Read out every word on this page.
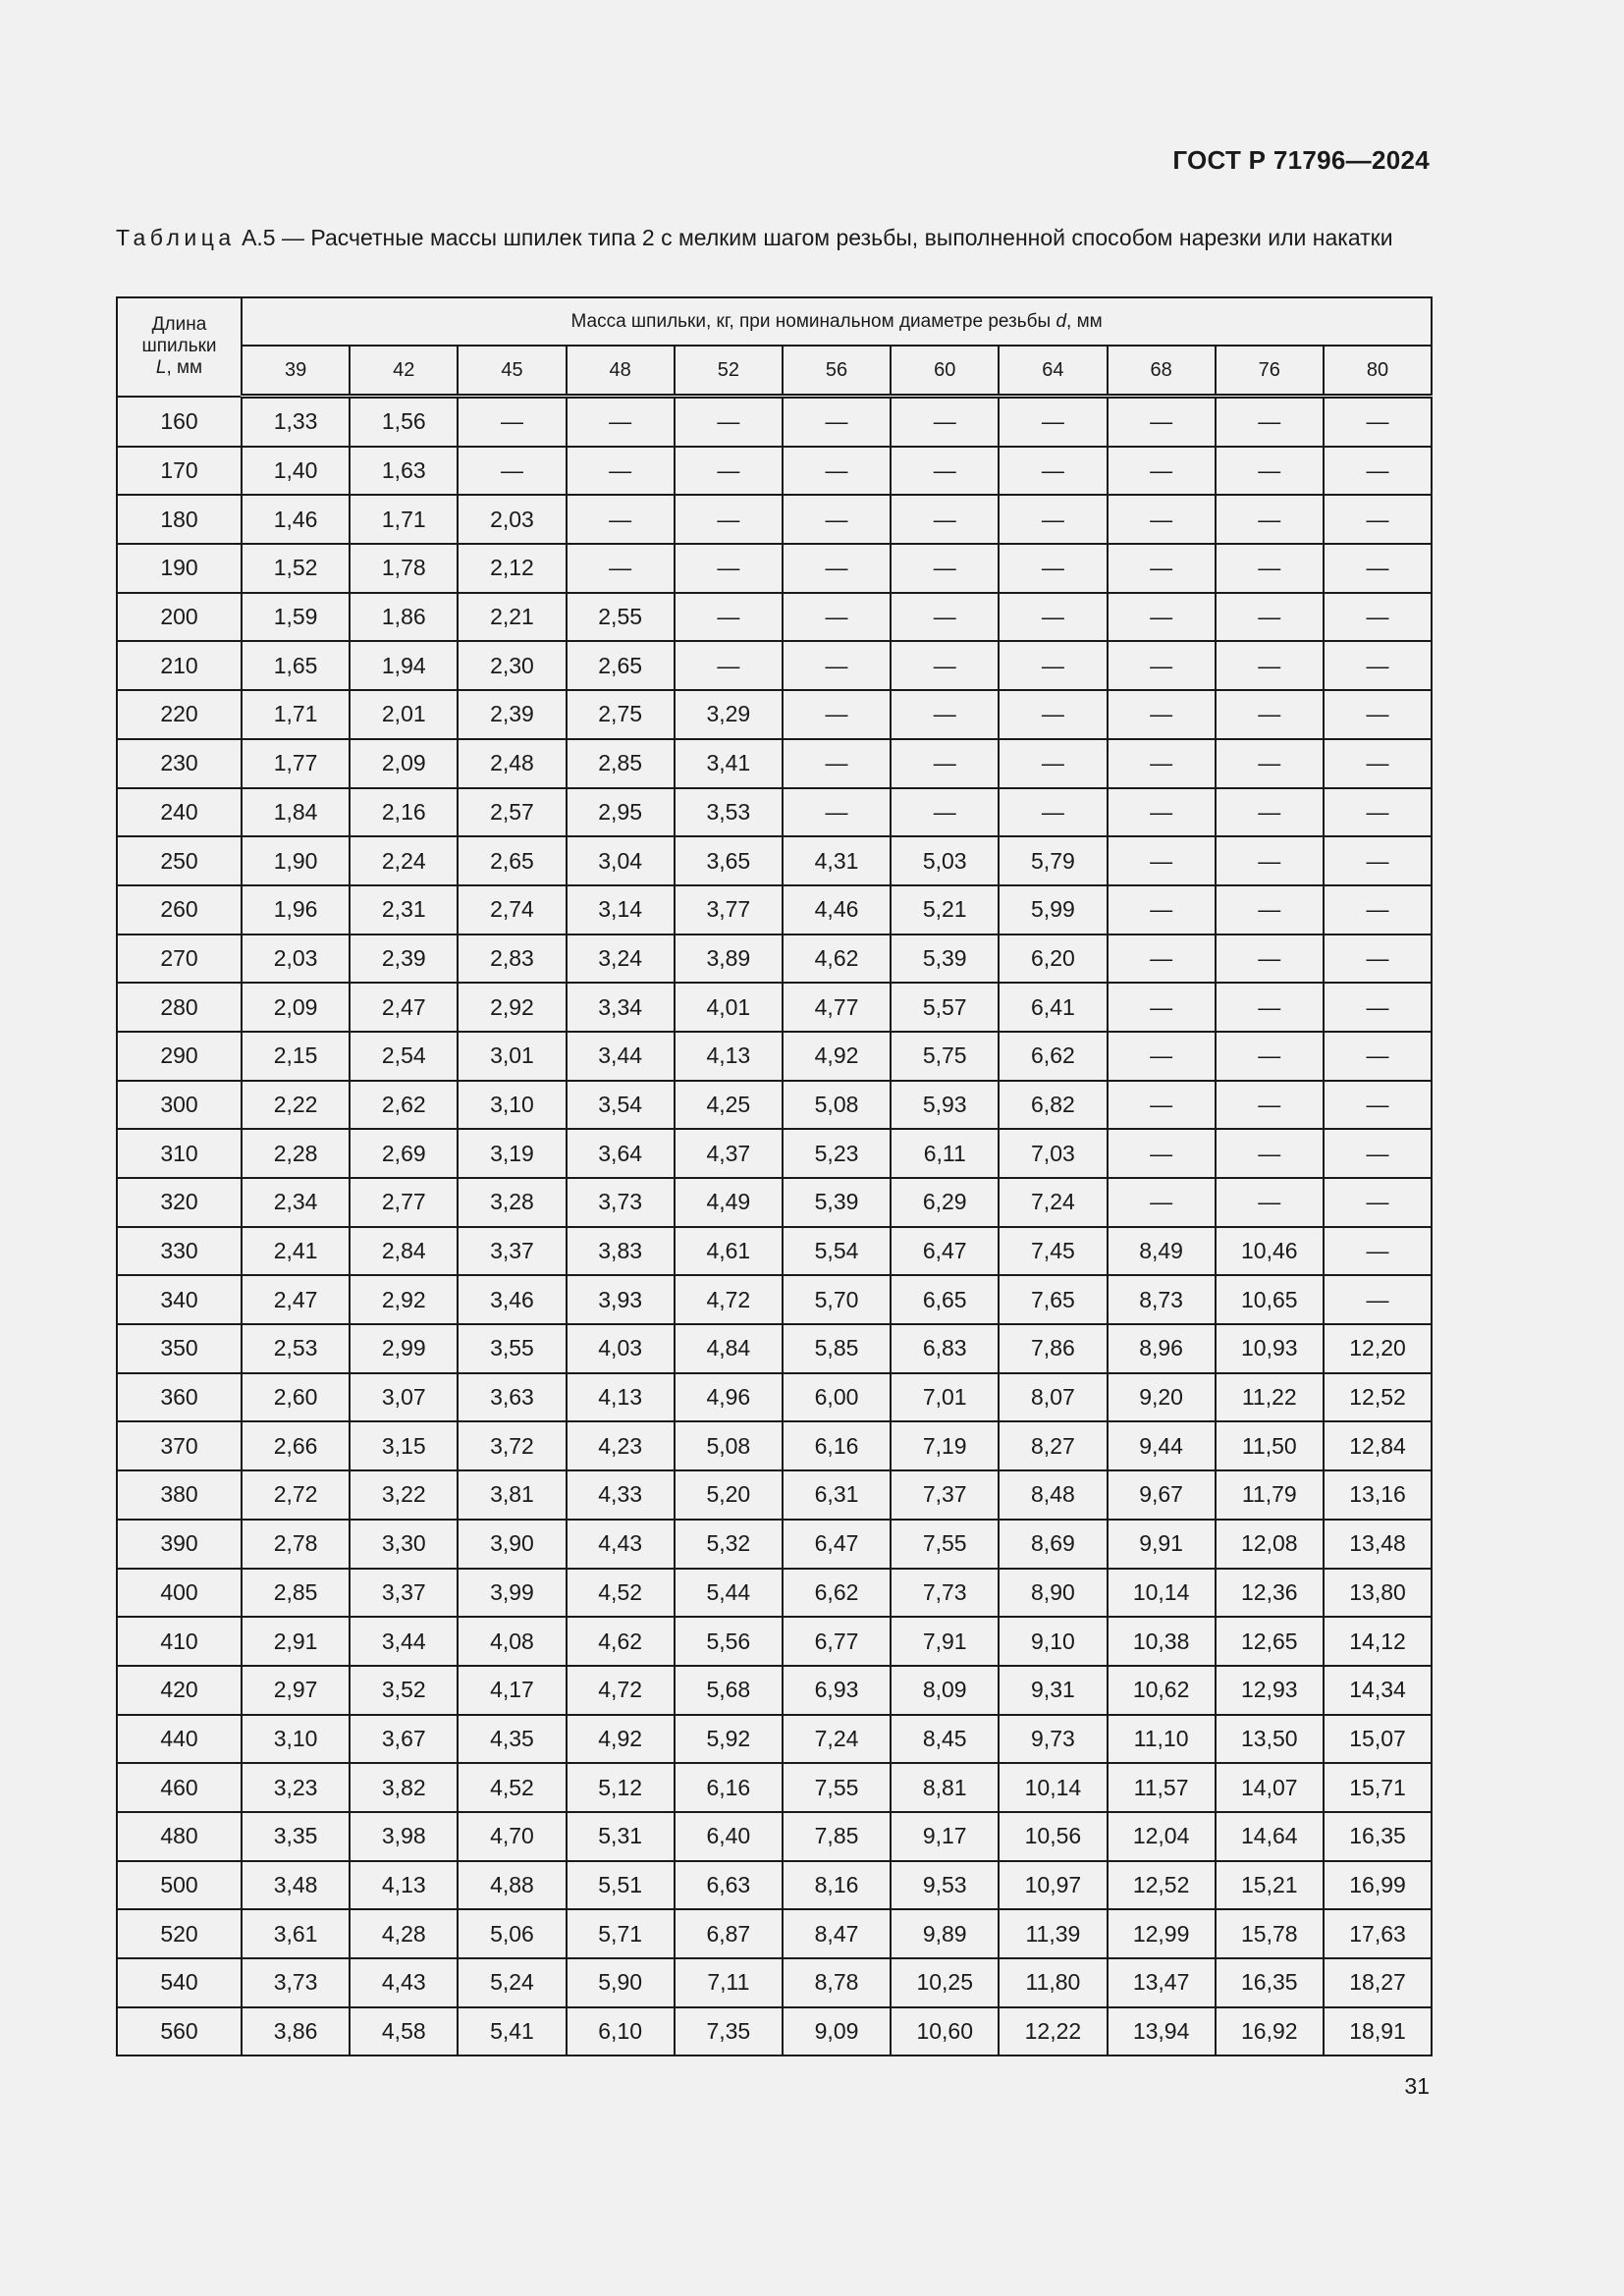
ГОСТ Р 71796—2024
Таблица А.5 — Расчетные массы шпилек типа 2 с мелким шагом резьбы, выполненной способом нарезки или накатки
Длина
шпильки
L, мм	Масса шпильки, кг, при номинальном диаметре резьбы d, мм										
	39	42	45	48	52	56	60	64	68	76	80
160	1,33	1,56	—	—	—	—	—	—	—	—	—
170	1,40	1,63	—	—	—	—	—	—	—	—	—
180	1,46	1,71	2,03	—	—	—	—	—	—	—	—
190	1,52	1,78	2,12	—	—	—	—	—	—	—	—
200	1,59	1,86	2,21	2,55	—	—	—	—	—	—	—
210	1,65	1,94	2,30	2,65	—	—	—	—	—	—	—
220	1,71	2,01	2,39	2,75	3,29	—	—	—	—	—	—
230	1,77	2,09	2,48	2,85	3,41	—	—	—	—	—	—
240	1,84	2,16	2,57	2,95	3,53	—	—	—	—	—	—
250	1,90	2,24	2,65	3,04	3,65	4,31	5,03	5,79	—	—	—
260	1,96	2,31	2,74	3,14	3,77	4,46	5,21	5,99	—	—	—
270	2,03	2,39	2,83	3,24	3,89	4,62	5,39	6,20	—	—	—
280	2,09	2,47	2,92	3,34	4,01	4,77	5,57	6,41	—	—	—
290	2,15	2,54	3,01	3,44	4,13	4,92	5,75	6,62	—	—	—
300	2,22	2,62	3,10	3,54	4,25	5,08	5,93	6,82	—	—	—
310	2,28	2,69	3,19	3,64	4,37	5,23	6,11	7,03	—	—	—
320	2,34	2,77	3,28	3,73	4,49	5,39	6,29	7,24	—	—	—
330	2,41	2,84	3,37	3,83	4,61	5,54	6,47	7,45	8,49	10,46	—
340	2,47	2,92	3,46	3,93	4,72	5,70	6,65	7,65	8,73	10,65	—
350	2,53	2,99	3,55	4,03	4,84	5,85	6,83	7,86	8,96	10,93	12,20
360	2,60	3,07	3,63	4,13	4,96	6,00	7,01	8,07	9,20	11,22	12,52
370	2,66	3,15	3,72	4,23	5,08	6,16	7,19	8,27	9,44	11,50	12,84
380	2,72	3,22	3,81	4,33	5,20	6,31	7,37	8,48	9,67	11,79	13,16
390	2,78	3,30	3,90	4,43	5,32	6,47	7,55	8,69	9,91	12,08	13,48
400	2,85	3,37	3,99	4,52	5,44	6,62	7,73	8,90	10,14	12,36	13,80
410	2,91	3,44	4,08	4,62	5,56	6,77	7,91	9,10	10,38	12,65	14,12
420	2,97	3,52	4,17	4,72	5,68	6,93	8,09	9,31	10,62	12,93	14,34
440	3,10	3,67	4,35	4,92	5,92	7,24	8,45	9,73	11,10	13,50	15,07
460	3,23	3,82	4,52	5,12	6,16	7,55	8,81	10,14	11,57	14,07	15,71
480	3,35	3,98	4,70	5,31	6,40	7,85	9,17	10,56	12,04	14,64	16,35
500	3,48	4,13	4,88	5,51	6,63	8,16	9,53	10,97	12,52	15,21	16,99
520	3,61	4,28	5,06	5,71	6,87	8,47	9,89	11,39	12,99	15,78	17,63
540	3,73	4,43	5,24	5,90	7,11	8,78	10,25	11,80	13,47	16,35	18,27
560	3,86	4,58	5,41	6,10	7,35	9,09	10,60	12,22	13,94	16,92	18,91
31
